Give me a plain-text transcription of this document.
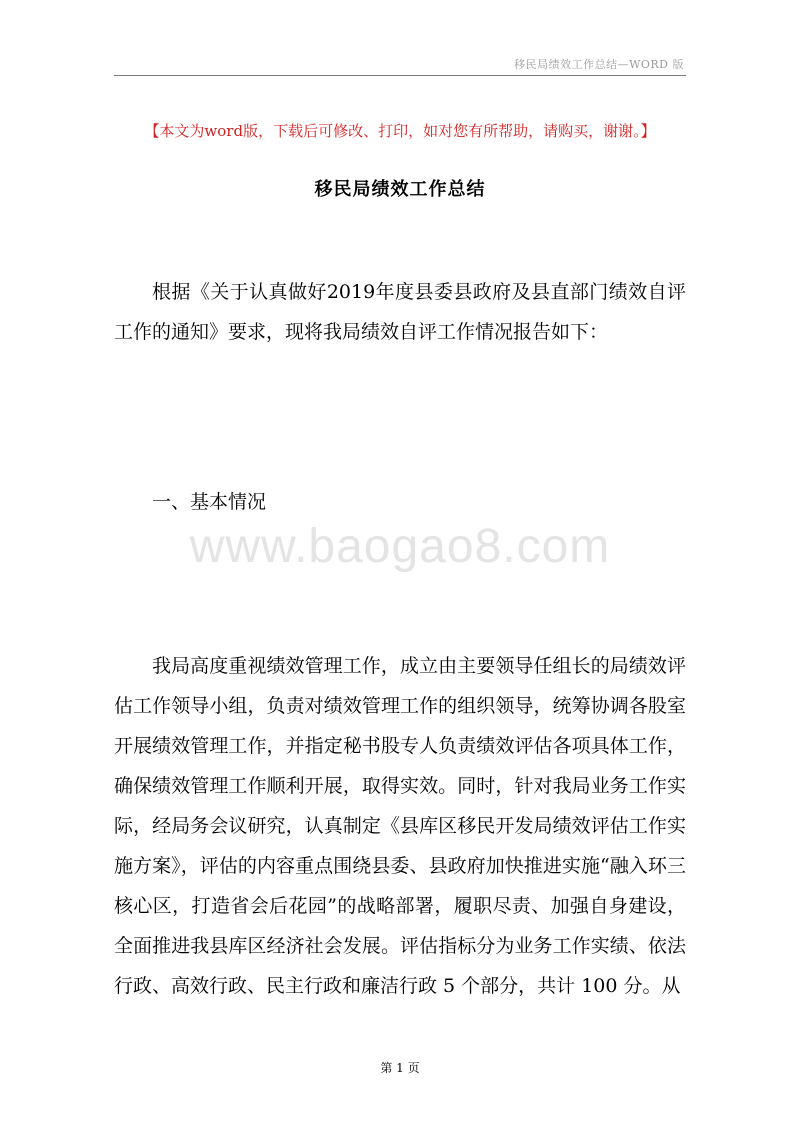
移民局绩效工作总结—WORD 版
【本文为word版，下载后可修改、打印，如对您有所帮助，请购买，谢谢。】
移民局绩效工作总结

根据《关于认真做好2019年度县委县政府及县直部门绩效自评工作的通知》要求，现将我局绩效自评工作情况报告如下：

一、基本情况
www.baogao8.com

我局高度重视绩效管理工作，成立由主要领导任组长的局绩效评估工作领导小组，负责对绩效管理工作的组织领导，统筹协调各股室开展绩效管理工作，并指定秘书股专人负责绩效评估各项具体工作，确保绩效管理工作顺利开展，取得实效。同时，针对我局业务工作实际，经局务会议研究，认真制定《县库区移民开发局绩效评估工作实施方案》，评估的内容重点围绕县委、县政府加快推进实施“融入环三核心区，打造省会后花园”的战略部署，履职尽责、加强自身建设，全面推进我县库区经济社会发展。评估指标分为业务工作实绩、依法行政、高效行政、民主行政和廉洁行政 5 个部分，共计 100 分。从

第 1 页
